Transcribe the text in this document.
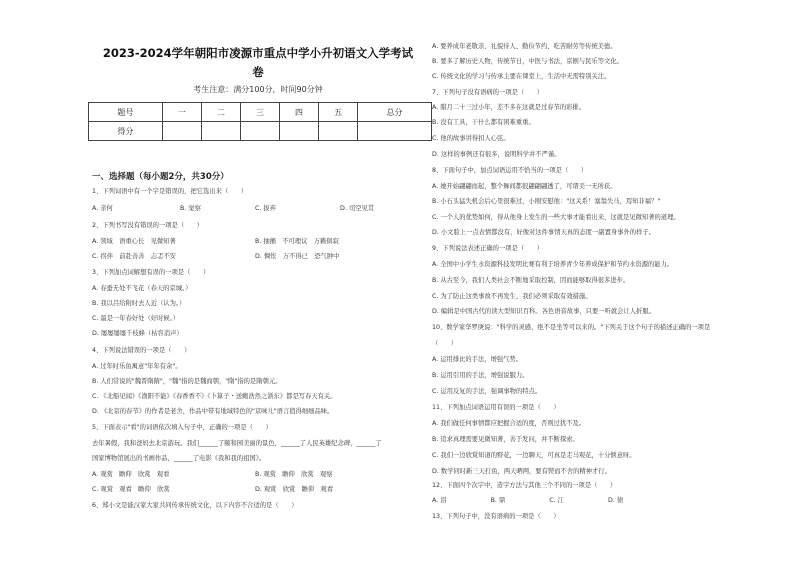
2023-2024学年朝阳市凌源市重点中学小升初语文入学考试
卷
考生注意：满分100分，时间90分钟
题号	一	二	三	四	五	总分
得分						
一、选择题（每小题2分，共30分）
1、下列词语中有一个字是错误的，把它选出来（　　）
A. 亲何	B. 觉察	C. 拔弃	D. 司空见贯
2、下列书写没有错误的一项是（　　）
A. 领域　语重心长　见微知著	B. 抽搐　不可理议　万籁俱寂
C. 拐伴　前赴善善　忐忑不安	D. 惆怅　万不得已　恐气肿中
3、下列加点词解想有误的一项是（　　）
A. 春蚕无处不飞花（春天的京城。）
B. 我以吕给附时去人近（认为。）
C. 最是一年春好处（好时候。）
D. 屡屡屡屡千枝蜂（枯容消声）
4、下列说法错误的一项是（　　）
A. 过年时乐鱼寓意"年年有余"。
B. 人们常说的"魏晋隋隋"，"魏"指的是魏商朝，"隋"指的是隋朝元。
C. 《北船见闻》《渔阳不能》《春香香不》《卜算子・送鲍浩然之浙东》都是写春天有关。
D. 《北京的春节》的作者是老舍，作品中带有地域特色的"京味儿"语言值得细细品味。
5、下面表示"看"的词语依次填入句子中，正确的一项是（　　）
去年暑假，我和爸妈去北京游玩。我们______了颐和园美丽的景色，______了人民英雄纪念碑，______了
国家博物馆展出的书画作品，______了电影《我和我的祖国》。
A. 观赏　瞻仰　欣赏　观看	B. 观赏　瞻仰　欣赏　观察
C. 观赏　观看　瞻仰　欣赏	D. 观赏　欣赏　瞻仰　观看
6、郑小文是能汉家大家共同传承传统文化，以下内容不合适的是（　　）
A. 要养成年老敬亲、礼貌待人、勤俭节约、吃苦耐劳等传统美德。
B. 要多了解历史人物，传统节日，中医与书法，京剧与民乐等文化。
C. 传统文化的学习与传承主要在课堂上，生活中无需特别关注。
7、下列句子没有语病的一项是（　　）
A. 腊月二十三过小年，差不多在这就是过春节的彩排。
B. 没有工具，干什么都有困难重重。
C. 他的故事讲得扣人心弦。
D. 这样的事例还有很多，说明科学并不严谨。
8、下面句子中，加点词语运用不恰当的一项是（　　）
A. 她开始翩翩而起，整个舞间都很翩翩翩透了，可谓美一无所获。
B. 小石头猛失机会后心里很难过，小刚安慰他："这关系！塞翁失马，焉知非福？"
C. 一个人的优势如何，得从他身上发生的一些大事才能看出来，这就是见微知著的道理。
D. 小文脸上一点表情都没有，好像对这件事情天真的态度一副置身事外的样子。
9、下列说法表述正确的一项是（　　）
A. 全国中小学生水资源科技发明比赛有利于培养青少年养成保护和节约水资源的能力。
B. 从古至今，我们人类社会不断地采取控制，因而能够取得很多进步。
C. 为了防止这类事故不再发生，我们必须采取有效措施。
D. 编辑是中国古代的读大型知识百科。各色语音故事，只要一听就会让人折服。
10、数学家华罗庚说："科学的灵感，绝不是坐等可以来的。"下列关于这个句子的描述正确的一项是
（　　）
A. 运用排比的手法，增强气势。
B. 运用引用的手法，增强说服力。
C. 运用反复的手法，强调事物的特点。
11、下列加点词语运用有误的一项是（　　）
A. 我们做任何事情都应把握合适的度，否则过犹不及。
B. 追求真理需要见微知著，善于发问，并不断探索。
C. 我们一边欣赏知道的野花，一边聊天，可真是走马观花，十分惬意呀。
D. 数学同时新三天打鱼，两天晒网，要有锲而不舍的精神才行。
12、下面四个次字中，造字方法与其他三个不同的一项是（　　）
A. 泪　　　　　　　B. 鼎　　　　　　　C. 江　　　　　　　D. 债
13、下列句子中，没有语病的一项是（　　）
